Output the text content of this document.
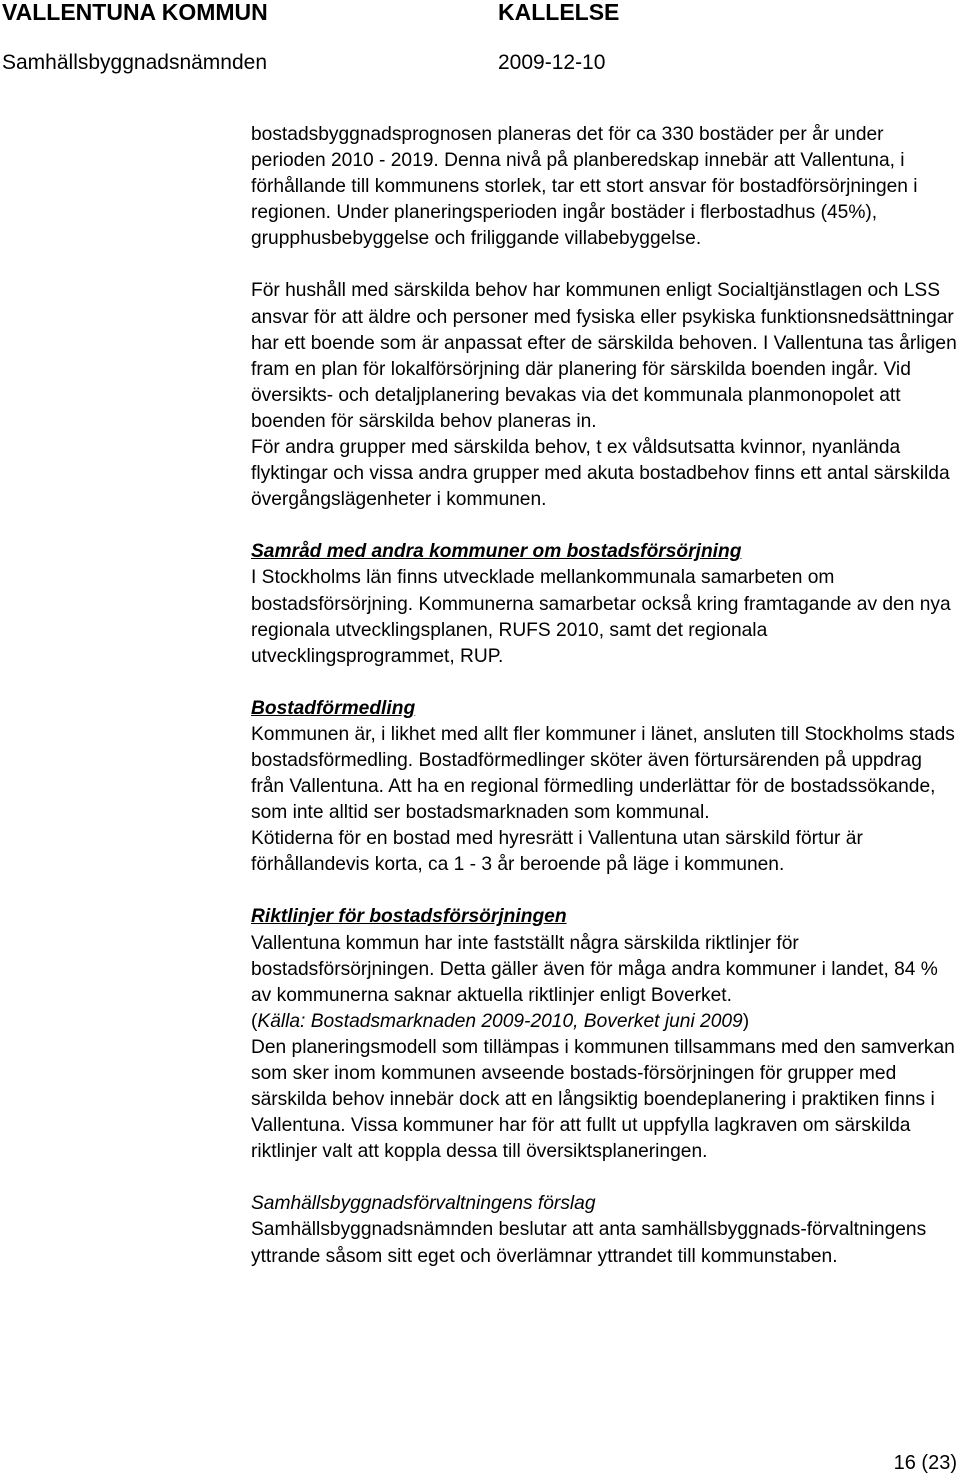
VALLENTUNA KOMMUN	KALLELSE
Samhällsbyggnadsnämnden	2009-12-10

bostadsbyggnadsprognosen planeras det för ca 330 bostäder per år under perioden 2010 - 2019. Denna nivå på planberedskap innebär att Vallentuna, i förhållande till kommunens storlek, tar ett stort ansvar för bostadförsörjningen i regionen. Under planeringsperioden ingår bostäder i flerbostadhus (45%), grupphusbebyggelse och friliggande villabebyggelse.

För hushåll med särskilda behov har kommunen enligt Socialtjänstlagen och LSS ansvar för att äldre och personer med fysiska eller psykiska funktionsnedsättningar har ett boende som är anpassat efter de särskilda behoven. I Vallentuna tas årligen fram en plan för lokalförsörjning där planering för särskilda boenden ingår. Vid översikts- och detaljplanering bevakas via det kommunala planmonopolet att boenden för särskilda behov planeras in.

För andra grupper med särskilda behov, t ex våldsutsatta kvinnor, nyanlända flyktingar och vissa andra grupper med akuta bostadbehov finns ett antal särskilda övergångslägenheter i kommunen.

Samråd med andra kommuner om bostadsförsörjning

I Stockholms län finns utvecklade mellankommunala samarbeten om bostadsförsörjning. Kommunerna samarbetar också kring framtagande av den nya regionala utvecklingsplanen, RUFS 2010, samt det regionala utvecklingsprogrammet, RUP.

Bostadförmedling

Kommunen är, i likhet med allt fler kommuner i länet, ansluten till Stockholms stads bostadsförmedling. Bostadförmedlinger sköter även förtursärenden på uppdrag från Vallentuna. Att ha en regional förmedling underlättar för de bostadssökande, som inte alltid ser bostadsmarknaden som kommunal.

Kötiderna för en bostad med hyresrätt i Vallentuna utan särskild förtur är förhållandevis korta, ca 1 - 3 år beroende på läge i kommunen.

Riktlinjer för bostadsförsörjningen

Vallentuna kommun har inte fastställt några särskilda riktlinjer för bostadsförsörjningen. Detta gäller även för måga andra kommuner i landet, 84 % av kommunerna saknar aktuella riktlinjer enligt Boverket.

(Källa: Bostadsmarknaden 2009-2010, Boverket juni 2009)

Den planeringsmodell som tillämpas i kommunen tillsammans med den samverkan som sker inom kommunen avseende bostads-försörjningen för grupper med särskilda behov innebär dock att en långsiktig boendeplanering i praktiken finns i Vallentuna. Vissa kommuner har för att fullt ut uppfylla lagkraven om särskilda riktlinjer valt att koppla dessa till översiktsplaneringen.

Samhällsbyggnadsförvaltningens förslag

Samhällsbyggnadsnämnden beslutar att anta samhällsbyggnads-förvaltningens yttrande såsom sitt eget och överlämnar yttrandet till kommunstaben.

16 (23)
